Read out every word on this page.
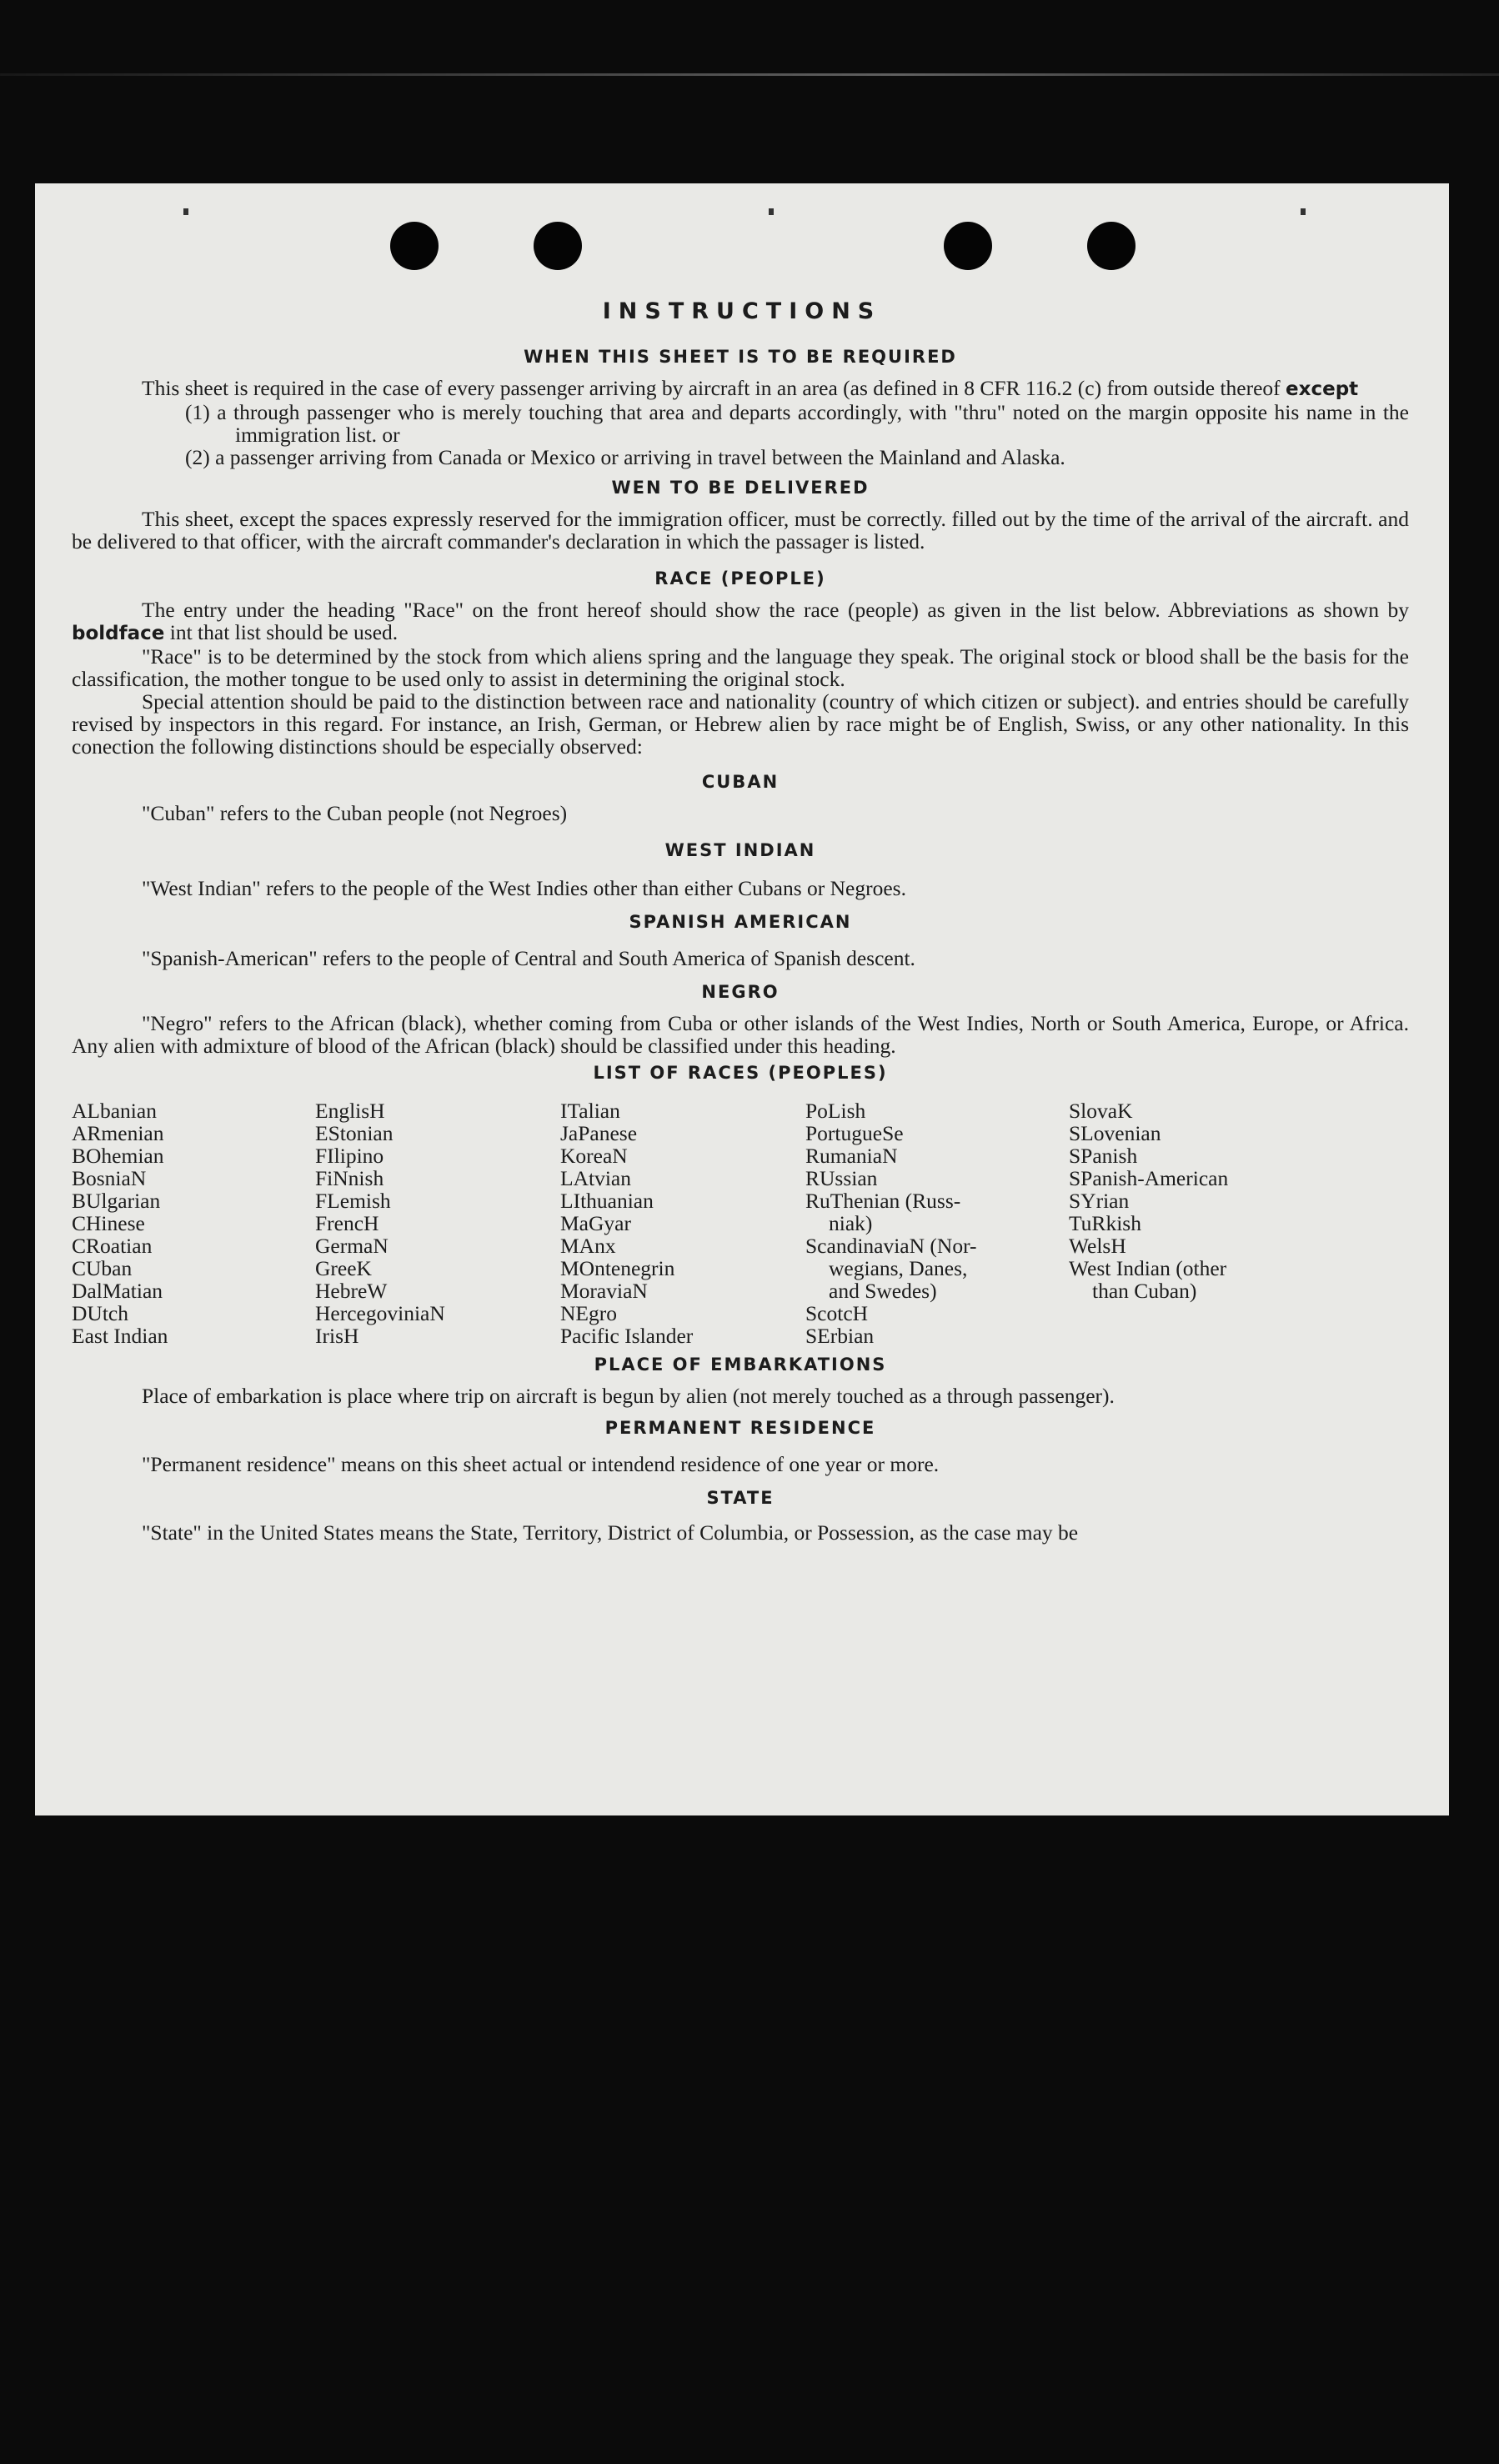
INSTRUCTIONS
WHEN THIS SHEET IS TO BE REQUIRED

This sheet is required in the case of every passenger arriving by aircraft in an area (as defined in 8 CFR 116.2 (c) from outside thereof except

(1) a through passenger who is merely touching that area and departs accordingly, with "thru" noted on the margin opposite his name in the immigration list. or

(2) a passenger arriving from Canada or Mexico or arriving in travel between the Mainland and Alaska.

WEN TO BE DELIVERED

This sheet, except the spaces expressly reserved for the immigration officer, must be correctly. filled out by the time of the arrival of the aircraft. and be delivered to that officer, with the aircraft commander's declaration in which the passager is listed.

RACE (PEOPLE)

The entry under the heading "Race" on the front hereof should show the race (people) as given in the list below. Abbreviations as shown by boldface int that list should be used.

"Race" is to be determined by the stock from which aliens spring and the language they speak. The original stock or blood shall be the basis for the classification, the mother tongue to be used only to assist in determining the original stock.

Special attention should be paid to the distinction between race and nationality (country of which citizen or subject). and entries should be carefully revised by inspectors in this regard. For instance, an Irish, German, or Hebrew alien by race might be of English, Swiss, or any other nationality. In this conection the following distinctions should be especially observed:

CUBAN

"Cuban" refers to the Cuban people (not Negroes)

WEST INDIAN

"West Indian" refers to the people of the West Indies other than either Cubans or Negroes.

SPANISH AMERICAN

"Spanish-American" refers to the people of Central and South America of Spanish descent.

NEGRO

"Negro" refers to the African (black), whether coming from Cuba or other islands of the West Indies, North or South America, Europe, or Africa. Any alien with admixture of blood of the African (black) should be classified under this heading.

LIST OF RACES (PEOPLES)
ALbanian
ARmenian
BOhemian
BosniaN
BUlgarian
CHinese
CRoatian
CUban
DalMatian
DUtch
East Indian
EnglisH
EStonian
FIlipino
FiNnish
FLemish
FrencH
GermaN
GreeK
HebreW
HercegoviniaN
IrisH
ITalian
JaPanese
KoreaN
LAtvian
LIthuanian
MaGyar
MAnx
MOntenegrin
MoraviaN
NEgro
Pacific Islander
PoLish
PortugueSe
RumaniaN
RUssian
RuThenian (Russ-
niak)
ScandinaviaN (Nor-
wegians, Danes,
and Swedes)
ScotcH
SErbian
SlovaK
SLovenian
SPanish
SPanish-American
SYrian
TuRkish
WelsH
West Indian (other
than Cuban)
PLACE OF EMBARKATIONS

Place of embarkation is place where trip on aircraft is begun by alien (not merely touched as a through passenger).

PERMANENT RESIDENCE

"Permanent residence" means on this sheet actual or intendend residence of one year or more.

STATE

"State" in the United States means the State, Territory, District of Columbia, or Possession, as the case may be
